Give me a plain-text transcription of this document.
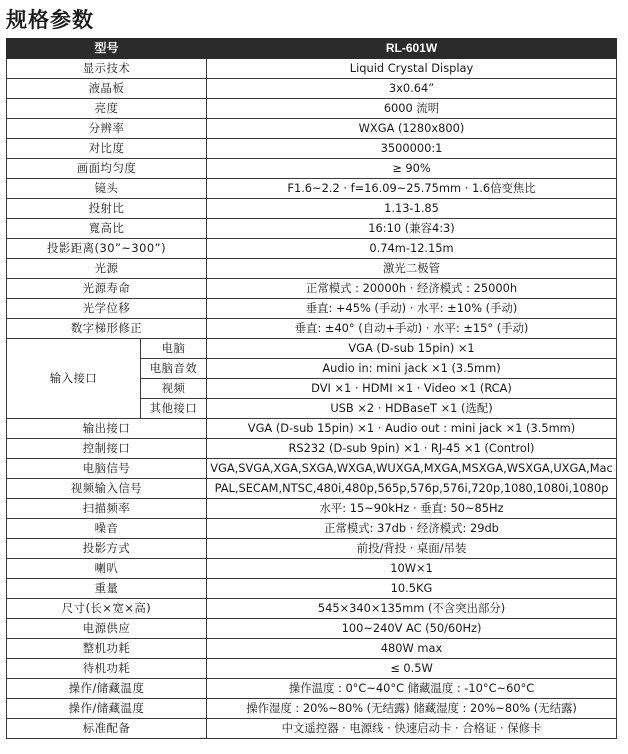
规格参数
型号		RL-601W
显示技术		Liquid Crystal Display
液晶板		3x0.64”
亮度		6000 流明
分辨率		WXGA (1280x800)
对比度		3500000:1
画面均匀度		≥ 90%
镜头		F1.6~2.2 · f=16.09~25.75mm · 1.6倍变焦比
投射比		1.13-1.85
寬高比		16:10 (兼容4:3)
投影距离(30”~300”)		0.74m-12.15m
光源		激光二极管
光源寿命		正常模式 : 20000h · 经济模式 : 25000h
光学位移		垂直: +45% (手动) · 水平: ±10% (手动)
数字梯形修正		垂直: ±40° (自动+手动) · 水平: ±15° (手动)
输入接口	电脑	VGA (D-sub 15pin) ×1
	电脑音效	Audio in: mini jack ×1 (3.5mm)
	视频	DVI ×1 · HDMI ×1 · Video ×1 (RCA)
	其他接口	USB ×2 · HDBaseT ×1 (选配)
输出接口		VGA (D-sub 15pin) ×1 · Audio out : mini jack ×1 (3.5mm)
控制接口		RS232 (D-sub 9pin) ×1 · RJ-45 ×1 (Control)
电脑信号		VGA,SVGA,XGA,SXGA,WXGA,WUXGA,MXGA,MSXGA,WSXGA,UXGA,Mac
视频输入信号		PAL,SECAM,NTSC,480i,480p,565p,576p,576i,720p,1080,1080i,1080p
扫描频率		水平: 15~90kHz · 垂直: 50~85Hz
噪音		正常模式: 37db · 经济模式: 29db
投影方式		前投/背投 · 桌面/吊装
喇叭		10W×1
重量		10.5KG
尺寸(长×宽×高)		545×340×135mm (不含突出部分)
电源供应		100~240V AC (50/60Hz)
整机功耗		480W max
待机功耗		≤ 0.5W
操作/储藏温度		操作温度 : 0°C~40°C 储藏温度 : -10°C~60°C
操作/储藏温度		操作湿度 : 20%~80% (无结露) 储藏湿度 : 20%~80% (无结露)
标准配备		中文遥控器 · 电源线 · 快速启动卡 · 合格证 · 保修卡
